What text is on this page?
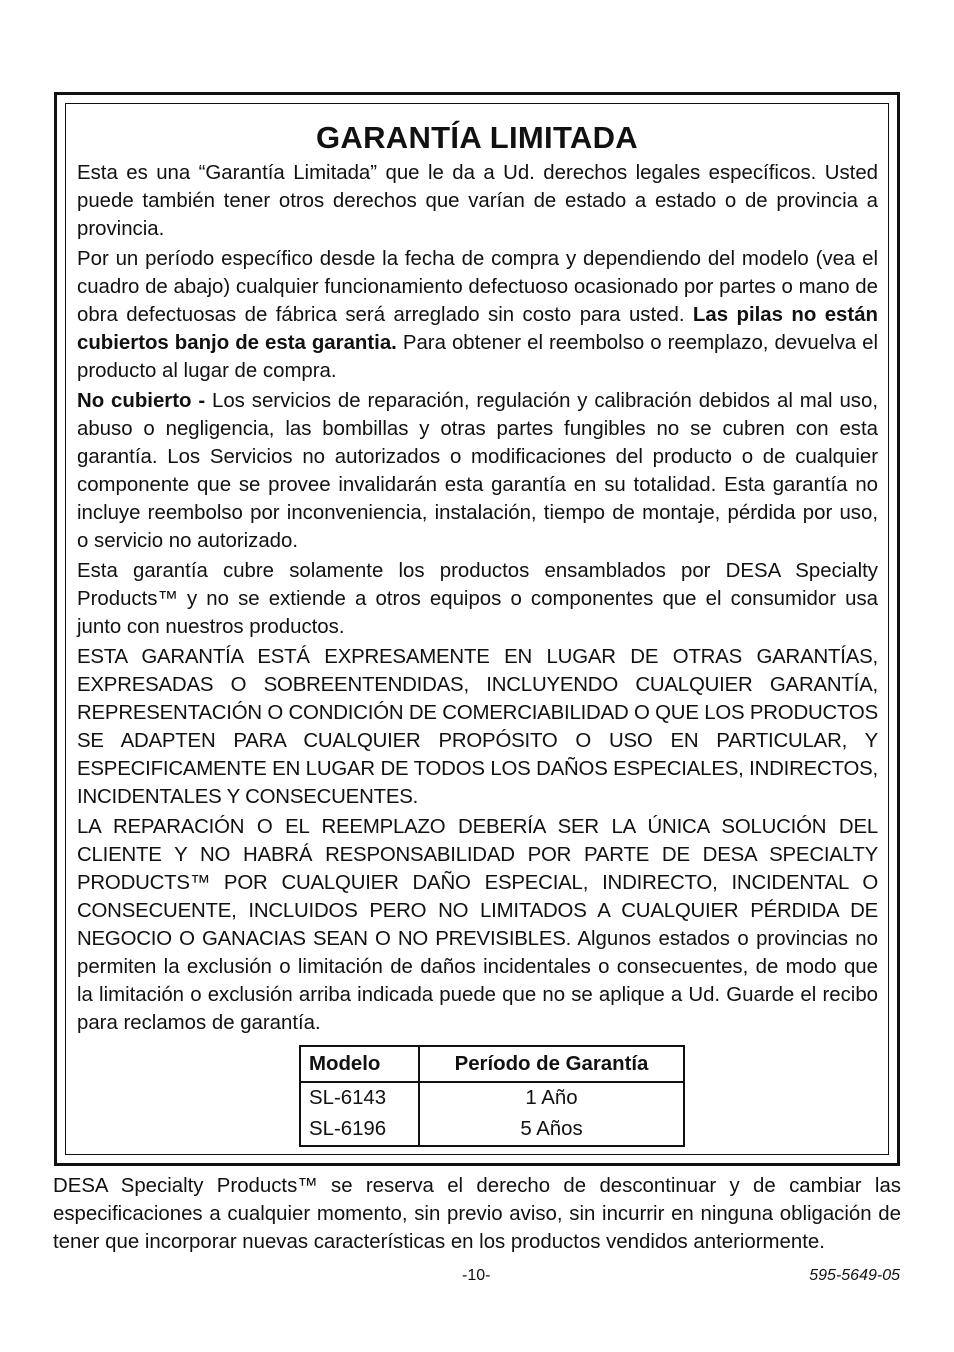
GARANTÍA LIMITADA

Esta es una “Garantía Limitada” que le da a Ud. derechos legales específicos. Usted puede también tener otros derechos que varían de estado a estado o de provincia a provincia.

Por un período específico desde la fecha de compra y dependiendo del modelo (vea el cuadro de abajo) cualquier funcionamiento defectuoso ocasionado por partes o mano de obra defectuosas de fábrica será arreglado sin costo para usted. Las pilas no están cubiertos banjo de esta garantia. Para obtener el reembolso o reemplazo, devuelva el producto al lugar de compra.

No cubierto - Los servicios de reparación, regulación y calibración debidos al mal uso, abuso o negligencia, las bombillas y otras partes fungibles no se cubren con esta garantía. Los Servicios no autorizados o modificaciones del producto o de cualquier componente que se provee invalidarán esta garantía en su totalidad. Esta garantía no incluye reembolso por inconveniencia, instalación, tiempo de montaje, pérdida por uso, o servicio no autorizado.

Esta garantía cubre solamente los productos ensamblados por DESA Specialty Products™ y no se extiende a otros equipos o componentes que el consumidor usa junto con nuestros productos.

ESTA GARANTÍA ESTÁ EXPRESAMENTE EN LUGAR DE OTRAS GARANTÍAS, EXPRESADAS O SOBREENTENDIDAS, INCLUYENDO CUALQUIER GARANTÍA, REPRESENTACIÓN O CONDICIÓN DE COMERCIABILIDAD O QUE LOS PRODUCTOS SE ADAPTEN PARA CUALQUIER PROPÓSITO O USO EN PARTICULAR, Y ESPECIFICAMENTE EN LUGAR DE TODOS LOS DAÑOS ESPECIALES, INDIRECTOS, INCIDENTALES Y CONSECUENTES.

LA REPARACIÓN O EL REEMPLAZO DEBERÍA SER LA ÚNICA SOLUCIÓN DEL CLIENTE Y NO HABRÁ RESPONSABILIDAD POR PARTE DE DESA SPECIALTY PRODUCTS™ POR CUALQUIER DAÑO ESPECIAL, INDIRECTO, INCIDENTAL O CONSECUENTE, INCLUIDOS PERO NO LIMITADOS A CUALQUIER PÉRDIDA DE NEGOCIO O GANACIAS SEAN O NO PREVISIBLES. Algunos estados o provincias no permiten la exclusión o limitación de daños incidentales o consecuentes, de modo que la limitación o exclusión arriba indicada puede que no se aplique a Ud. Guarde el recibo para reclamos de garantía.

Modelo	Período de Garantía
SL-6143	1 Año
SL-6196	5 Años

DESA Specialty Products™ se reserva el derecho de descontinuar y de cambiar las especificaciones a cualquier momento, sin previo aviso, sin incurrir en ninguna obligación de tener que incorporar nuevas características en los productos vendidos anteriormente.

-10-	595-5649-05
